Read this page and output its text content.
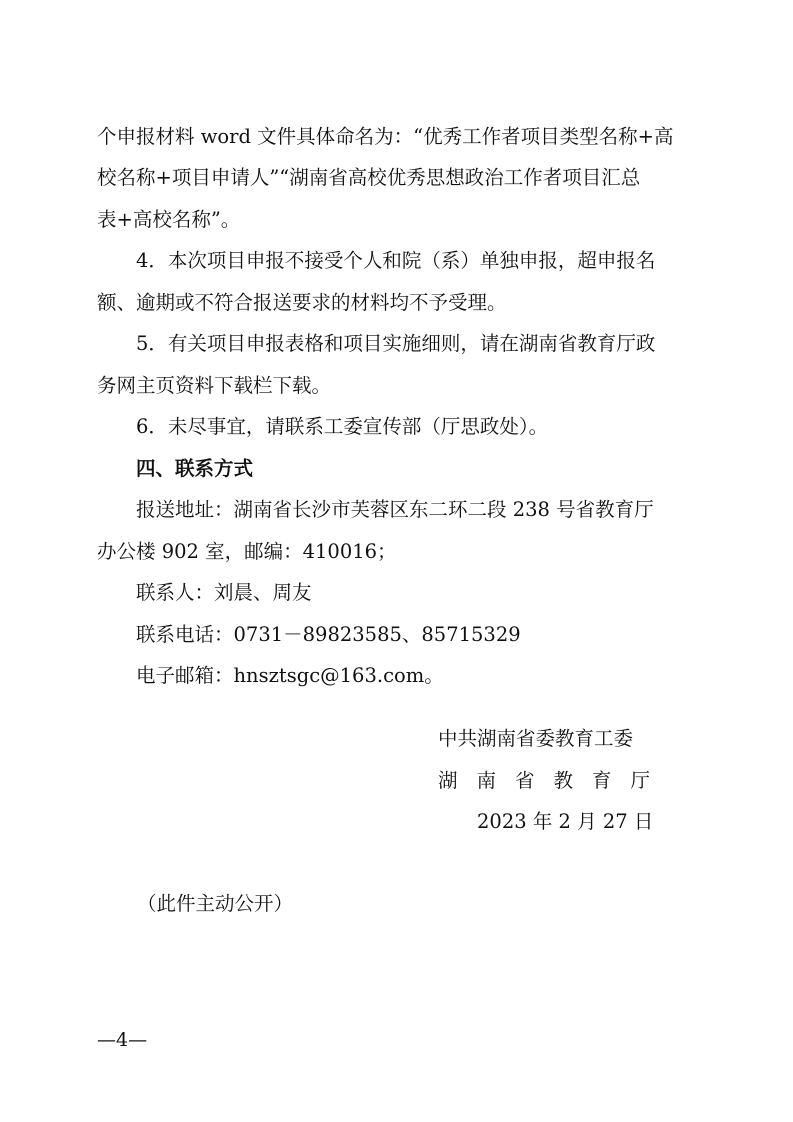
个申报材料 word 文件具体命名为：“优秀工作者项目类型名称+高
校名称+项目申请人”“湖南省高校优秀思想政治工作者项目汇总
表+高校名称”。
4．本次项目申报不接受个人和院（系）单独申报，超申报名
额、逾期或不符合报送要求的材料均不予受理。
5．有关项目申报表格和项目实施细则，请在湖南省教育厅政
务网主页资料下载栏下载。
6．未尽事宜，请联系工委宣传部（厅思政处）。
四、联系方式
报送地址：湖南省长沙市芙蓉区东二环二段 238 号省教育厅
办公楼 902 室，邮编：410016；
联系人：刘晨、周友
联系电话：0731－89823585、85715329
电子邮箱：hnsztsgc@163.com。
中共湖南省委教育工委
湖南省教育厅
2023 年 2 月 27 日
（此件主动公开）
—4—
